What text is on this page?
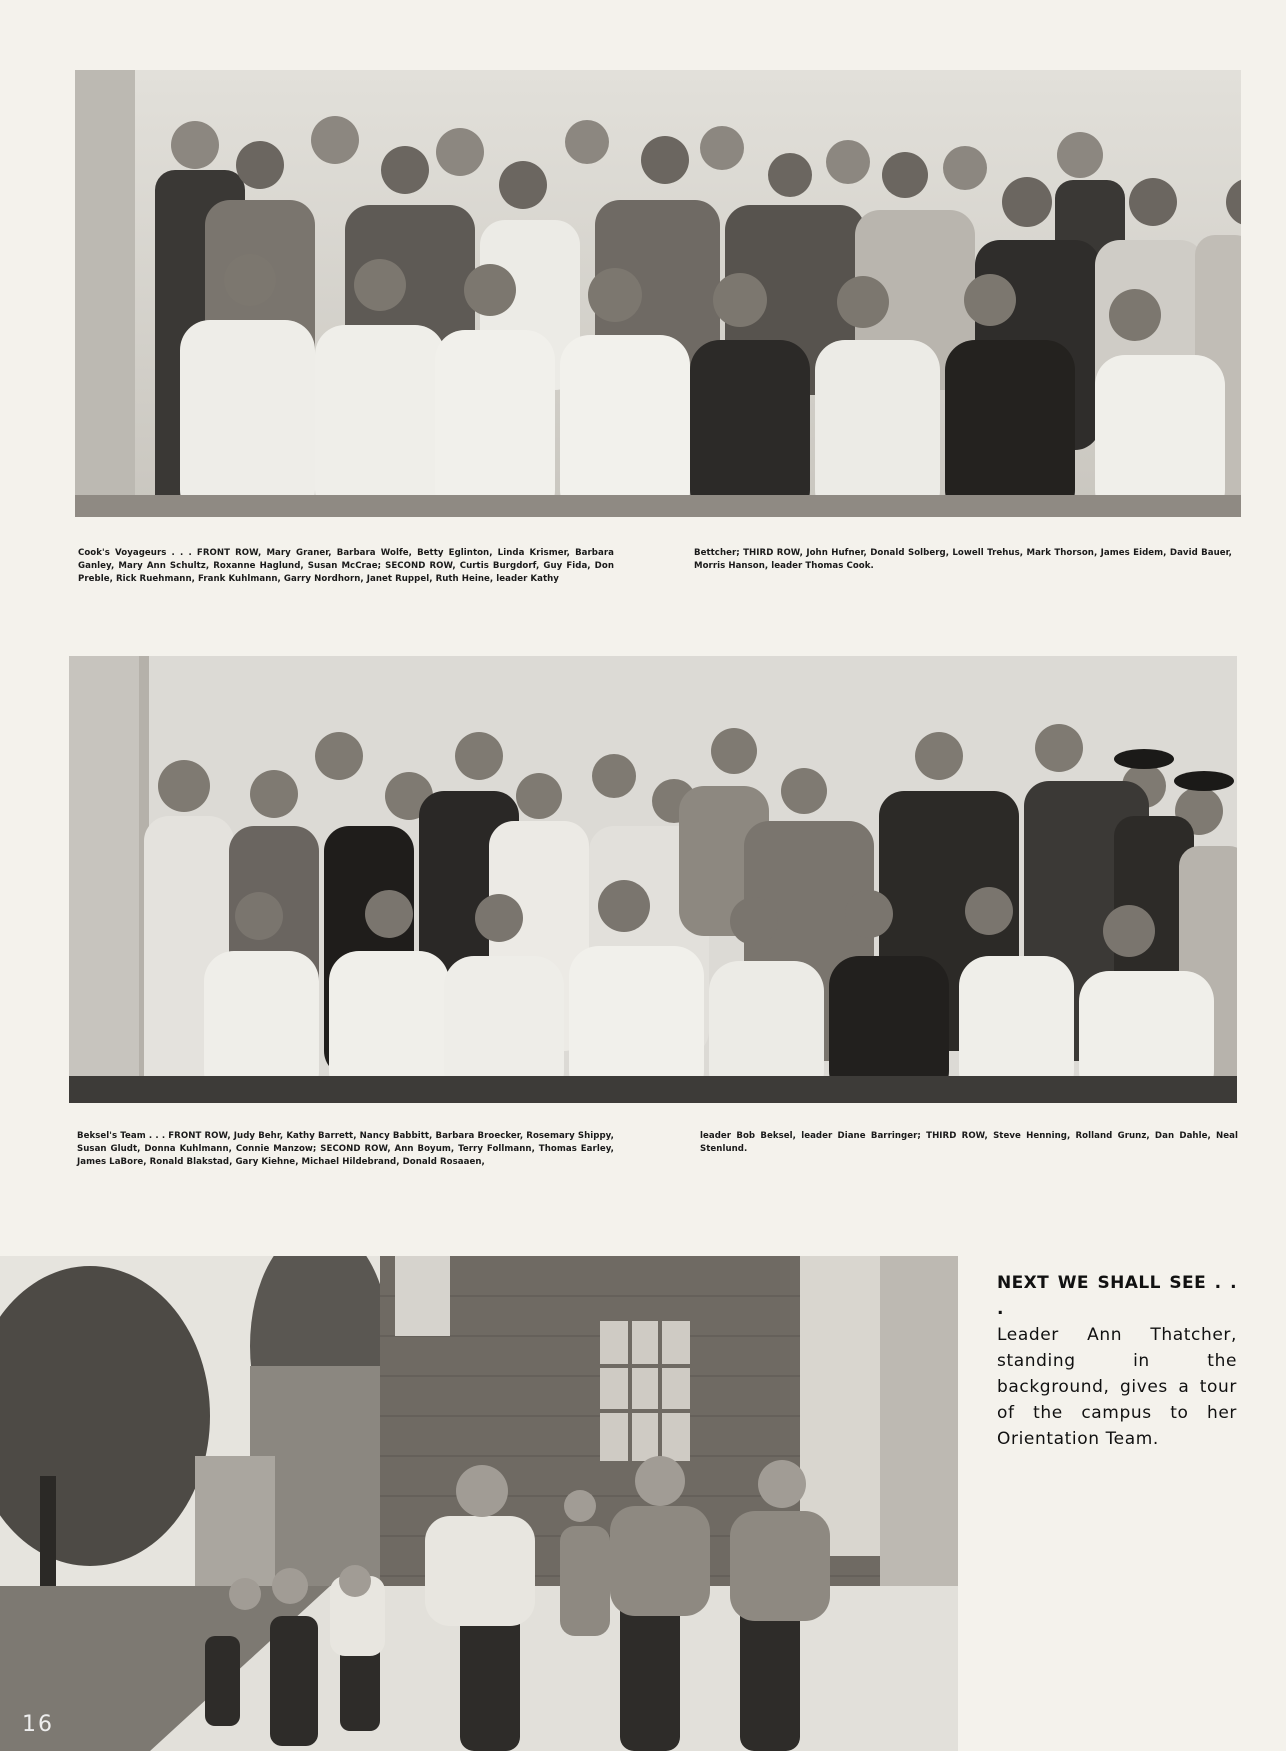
Cook's Voyageurs . . . FRONT ROW, Mary Graner, Barbara Wolfe, Betty Eglinton, Linda Krismer, Barbara Ganley, Mary Ann Schultz, Roxanne Haglund, Susan McCrae; SECOND ROW, Curtis Burgdorf, Guy Fida, Don Preble, Rick Ruehmann, Frank Kuhlmann, Garry Nordhorn, Janet Ruppel, Ruth Heine, leader Kathy
Bettcher; THIRD ROW, John Hufner, Donald Solberg, Lowell Trehus, Mark Thorson, James Eidem, David Bauer, Morris Hanson, leader Thomas Cook.
Beksel's Team . . . FRONT ROW, Judy Behr, Kathy Barrett, Nancy Babbitt, Barbara Broecker, Rosemary Shippy, Susan Gludt, Donna Kuhlmann, Connie Manzow; SECOND ROW, Ann Boyum, Terry Follmann, Thomas Earley, James LaBore, Ronald Blakstad, Gary Kiehne, Michael Hildebrand, Donald Rosaaen,
leader Bob Beksel, leader Diane Barringer; THIRD ROW, Steve Henning, Rolland Grunz, Dan Dahle, Neal Stenlund.
NEXT WE SHALL SEE . . .
Leader Ann Thatcher, standing in the background, gives a tour of the campus to her Orientation Team.
16
